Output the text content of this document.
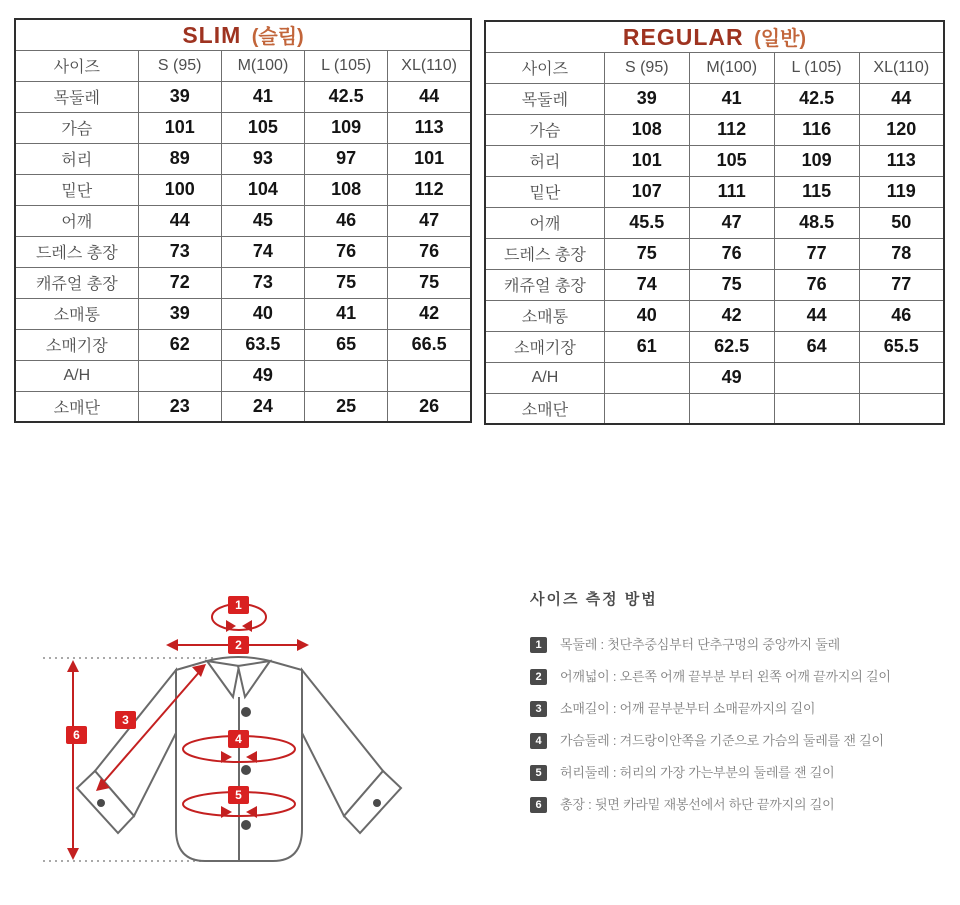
SLIM (슬림)				
사이즈	S (95)	M(100)	L (105)	XL(110)
목둘레	39	41	42.5	44
가슴	101	105	109	113
허리	89	93	97	101
밑단	100	104	108	112
어깨	44	45	46	47
드레스 총장	73	74	76	76
캐쥬얼 총장	72	73	75	75
소매통	39	40	41	42
소매기장	62	63.5	65	66.5
A/H		49		
소매단	23	24	25	26
REGULAR (일반)				
사이즈	S (95)	M(100)	L (105)	XL(110)
목둘레	39	41	42.5	44
가슴	108	112	116	120
허리	101	105	109	113
밑단	107	111	115	119
어깨	45.5	47	48.5	50
드레스 총장	75	76	77	78
캐쥬얼 총장	74	75	76	77
소매통	40	42	44	46
소매기장	61	62.5	64	65.5
A/H		49		
소매단				
1
2
3
4
5
6
사이즈 측정 방법
1	목둘레 : 첫단추중심부터 단추구멍의 중앙까지 둘레
2	어깨넓이 : 오른쪽 어깨 끝부분 부터 왼쪽 어깨 끝까지의 길이
3	소매길이 : 어깨 끝부분부터 소매끝까지의 길이
4	가슴둘레 : 겨드랑이안쪽을 기준으로 가슴의 둘레를 잰 길이
5	허리둘레 : 허리의 가장 가는부분의 둘레를 잰 길이
6	총장 : 뒷면 카라밑 재봉선에서 하단 끝까지의 길이
